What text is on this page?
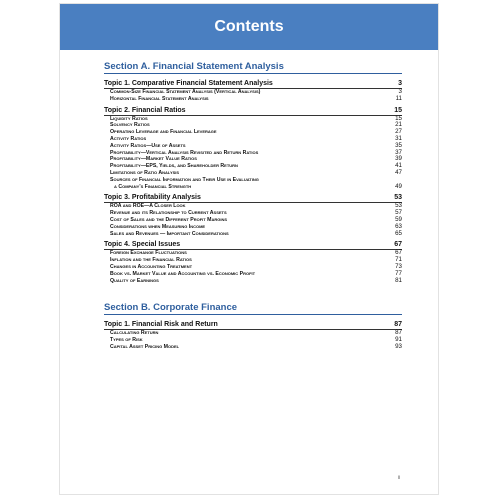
Contents
Section A. Financial Statement Analysis
Topic 1. Comparative Financial Statement Analysis	3
Common-Size Financial Statement Analysis (Vertical Analysis)	3
Horizontal Financial Statement Analysis	11
Topic 2. Financial Ratios	15
Liquidity Ratios	15
Solvency Ratios	21
Operating Leverage and Financial Leverage	27
Activity Ratios	31
Activity Ratios—Use of Assets	35
Profitability—Vertical Analysis Revisited and Return Ratios	37
Profitability—Market Value Ratios	39
Profitability—EPS, Yields, and Shareholder Return	41
Limitations of Ratio Analysis	47
Sources of Financial Information and Their Use in Evaluating
a Company's Financial Strength	49
Topic 3. Profitability Analysis	53
ROA and ROE—A Closer Look	53
Revenue and its Relationship to Current Assets	57
Cost of Sales and the Different Profit Margins	59
Considerations when Measuring Income	63
Sales and Revenues — Important Considerations	65
Topic 4. Special Issues	67
Foreign Exchange Fluctuations	67
Inflation and the Financial Ratios	71
Changes in Accounting Treatment	73
Book vs. Market Value and Accounting vs. Economic Profit	77
Quality of Earnings	81
Section B. Corporate Finance
Topic 1. Financial Risk and Return	87
Calculating Return	87
Types of Risk	91
Capital Asset Pricing Model	93
ii
